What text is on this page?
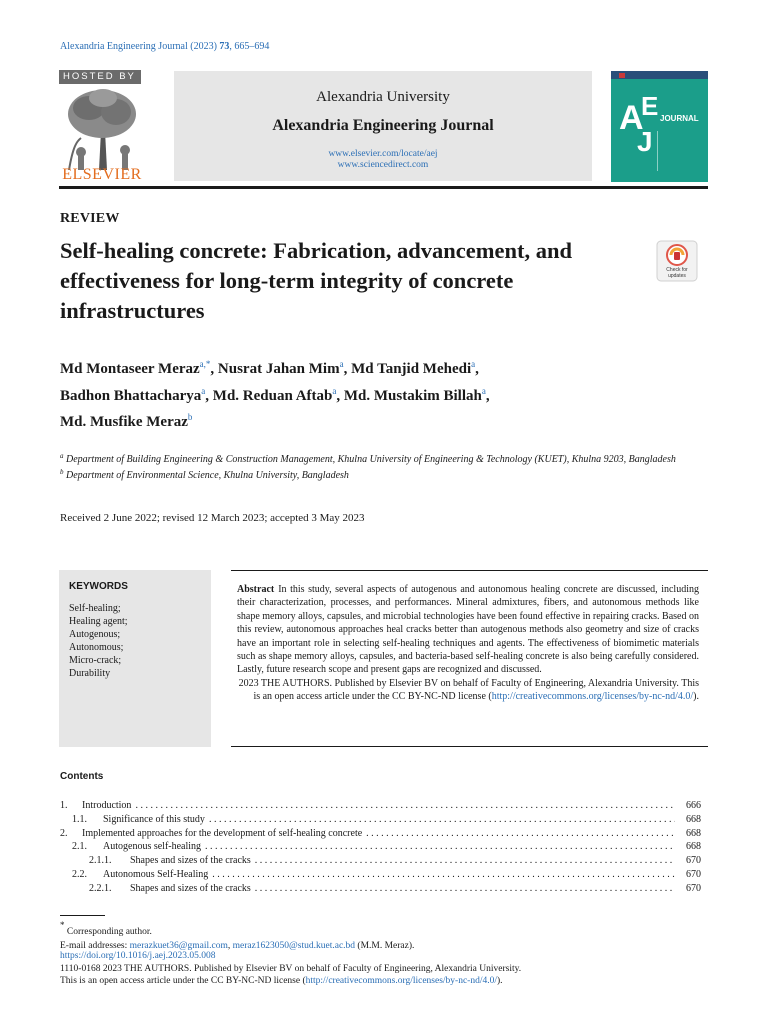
Alexandria Engineering Journal (2023) 73, 665–694
HOSTED BY
ELSEVIER
Alexandria University
Alexandria Engineering Journal
www.elsevier.com/locate/aej
www.sciencedirect.com
A
E
J
JOURNAL
REVIEW
Self-healing concrete: Fabrication, advancement, and effectiveness for long-term integrity of concrete infrastructures
Check for
updates
Md Montaseer Meraz$^{a,*}$, Nusrat Jahan Mim$^a$, Md Tanjid Mehedi$^a$,
Badhon Bhattacharya$^a$, Md. Reduan Aftab$^a$, Md. Mustakim Billah$^a$,
Md. Musfike Meraz$^b$
$^a$ Department of Building Engineering & Construction Management, Khulna University of Engineering & Technology (KUET), Khulna 9203, Bangladesh
$^b$ Department of Environmental Science, Khulna University, Bangladesh
Received 2 June 2022; revised 12 March 2023; accepted 3 May 2023
KEYWORDS
Self-healing;
Healing agent;
Autogenous;
Autonomous;
Micro-crack;
Durability

Abstract In this study, several aspects of autogenous and autonomous healing concrete are discussed, including their characterization, processes, and performances. Mineral admixtures, fibers, and autonomous methods like shape memory alloys, capsules, and microbial technologies have been found effective in repairing cracks. Based on this review, autonomous approaches heal cracks better than autogenous methods also geometry and size of cracks have an important role in selecting self-healing techniques and agents. The effectiveness of biomimetic materials such as shape memory alloys, capsules, and bacteria-based self-healing concrete is also being carefully considered. Lastly, future research scope and present gaps are recognized and discussed.

2023 THE AUTHORS. Published by Elsevier BV on behalf of Faculty of Engineering, Alexandria University. This is an open access article under the CC BY-NC-ND license (http://creativecommons.org/licenses/by-nc-nd/4.0/).

Contents
1.	Introduction . . .	666
1.1.	Significance of this study . . .	668
2.	Implemented approaches for the development of self-healing concrete . . .	668
2.1.	Autogenous self-healing . . .	668
2.1.1.	Shapes and sizes of the cracks . . .	670
2.2.	Autonomous Self-Healing . . .	670
2.2.1.	Shapes and sizes of the cracks . . .	670
* Corresponding author.
E-mail addresses: merazkuet36@gmail.com, meraz1623050@stud.kuet.ac.bd (M.M. Meraz).
https://doi.org/10.1016/j.aej.2023.05.008
1110-0168 2023 THE AUTHORS. Published by Elsevier BV on behalf of Faculty of Engineering, Alexandria University.
This is an open access article under the CC BY-NC-ND license (http://creativecommons.org/licenses/by-nc-nd/4.0/).
